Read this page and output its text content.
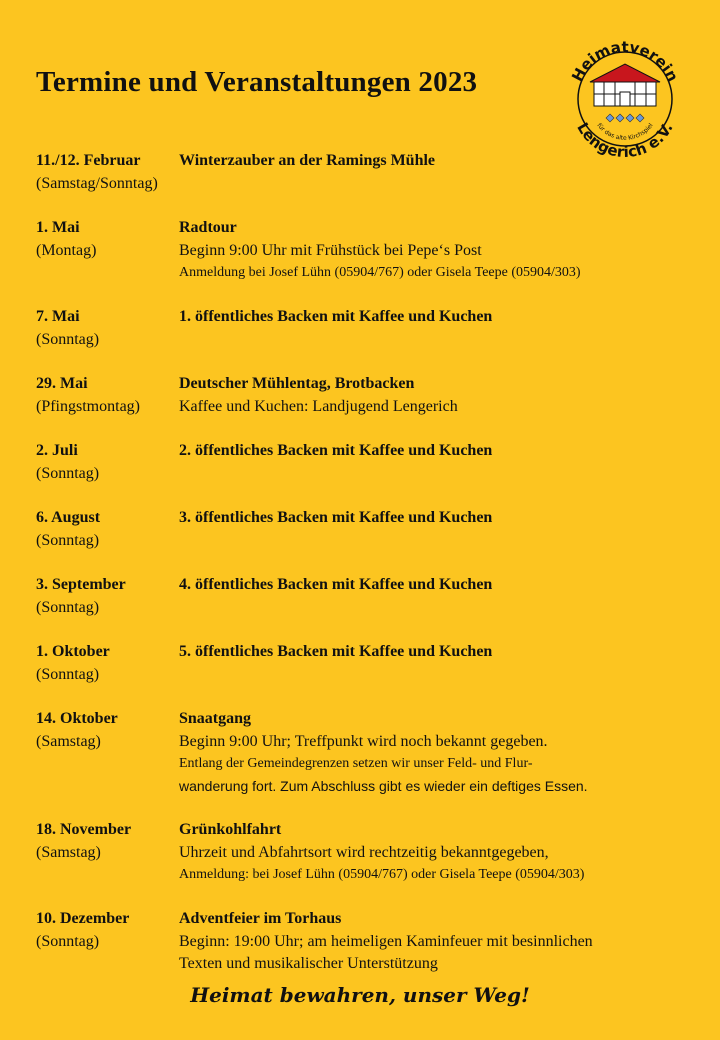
Termine und Veranstaltungen 2023	Heimatverein
Lengerich e.V.
für das alte Kirchspiel
11./12. Februar	Winterzauber an der Ramings Mühle
(Samstag/Sonntag)
1. Mai	Radtour
(Montag)	Beginn 9:00 Uhr mit Frühstück bei Pepe‘s Post
Anmeldung bei Josef Lühn (05904/767) oder Gisela Teepe (05904/303)
7. Mai	1. öffentliches Backen mit Kaffee und Kuchen
(Sonntag)
29. Mai	Deutscher Mühlentag, Brotbacken
(Pfingstmontag)	Kaffee und Kuchen: Landjugend Lengerich
2. Juli	2. öffentliches Backen mit Kaffee und Kuchen
(Sonntag)
6. August	3. öffentliches Backen mit Kaffee und Kuchen
(Sonntag)
3. September	4. öffentliches Backen mit Kaffee und Kuchen
(Sonntag)
1. Oktober	5. öffentliches Backen mit Kaffee und Kuchen
(Sonntag)
14. Oktober	Snaatgang
(Samstag)	Beginn 9:00 Uhr; Treffpunkt wird noch bekannt gegeben.
Entlang der Gemeindegrenzen setzen wir unser Feld- und Flur-
wanderung fort. Zum Abschluss gibt es wieder ein deftiges Essen.
18. November	Grünkohlfahrt
(Samstag)	Uhrzeit und Abfahrtsort wird rechtzeitig bekanntgegeben,
Anmeldung: bei Josef Lühn (05904/767) oder Gisela Teepe (05904/303)
10. Dezember	Adventfeier im Torhaus
(Sonntag)	Beginn: 19:00 Uhr; am heimeligen Kaminfeuer mit besinnlichen
Texten und musikalischer Unterstützung
Heimat bewahren, unser Weg!
